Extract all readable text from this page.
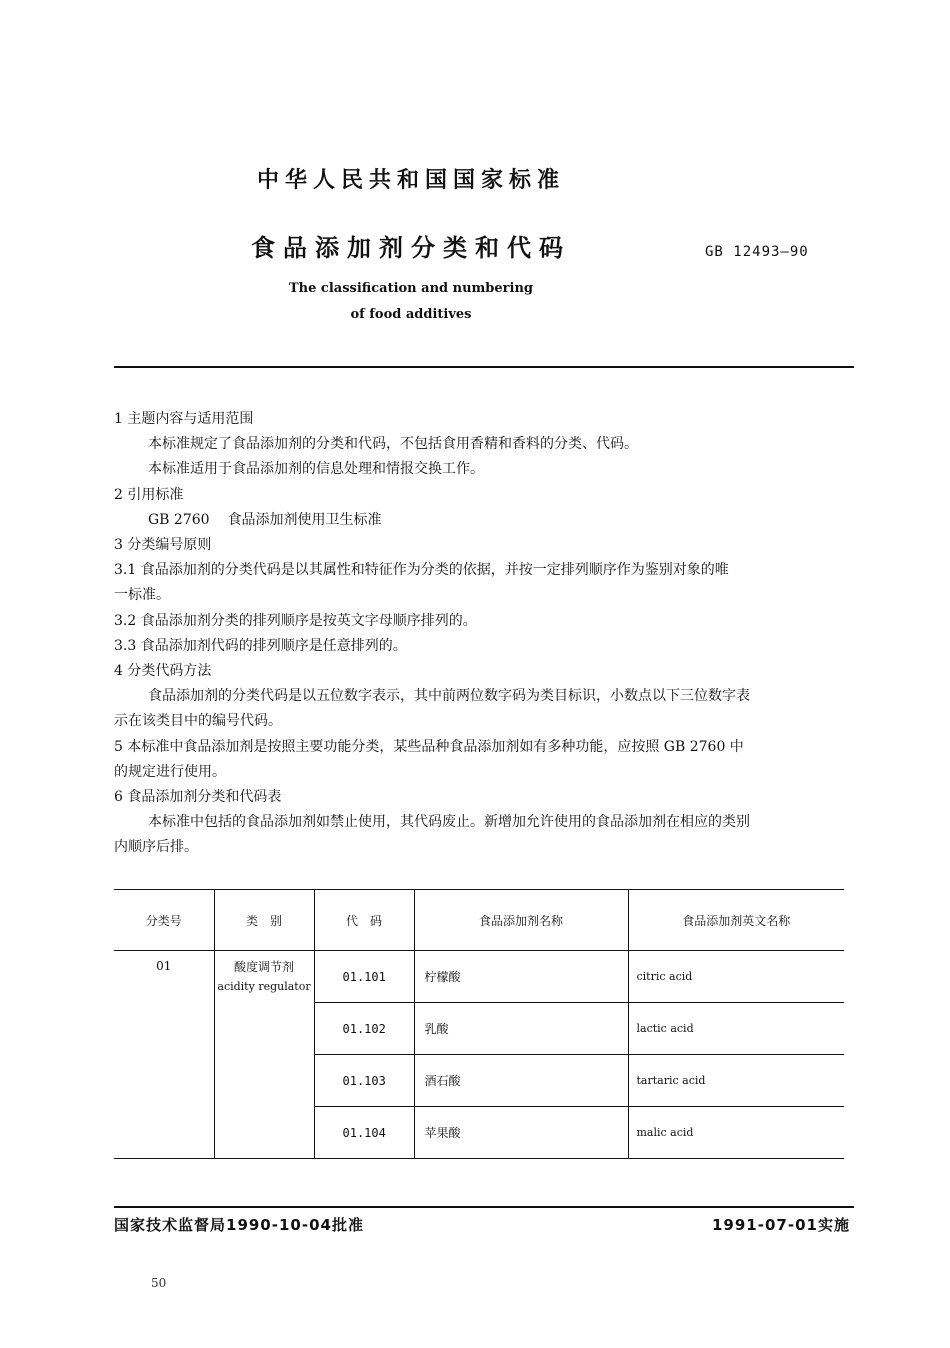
中华人民共和国国家标准
食品添加剂分类和代码	GB 12493—90
The classification and numbering
of food additives

1 主题内容与适用范围

本标准规定了食品添加剂的分类和代码，不包括食用香精和香料的分类、代码。

本标准适用于食品添加剂的信息处理和情报交换工作。

2 引用标准

GB 2760 食品添加剂使用卫生标准

3 分类编号原则

3.1 食品添加剂的分类代码是以其属性和特征作为分类的依据，并按一定排列顺序作为鉴别对象的唯

一标准。

3.2 食品添加剂分类的排列顺序是按英文字母顺序排列的。

3.3 食品添加剂代码的排列顺序是任意排列的。

4 分类代码方法

食品添加剂的分类代码是以五位数字表示，其中前两位数字码为类目标识，小数点以下三位数字表

示在该类目中的编号代码。

5 本标准中食品添加剂是按照主要功能分类，某些品种食品添加剂如有多种功能，应按照 GB 2760 中

的规定进行使用。

6 食品添加剂分类和代码表

本标准中包括的食品添加剂如禁止使用，其代码废止。新增加允许使用的食品添加剂在相应的类别

内顺序后排。

分类号	类　别	代　码	食品添加剂名称	食品添加剂英文名称
01	酸度调节剂
acidity regulator	01.101	柠檬酸	citric acid
		01.102	乳酸	lactic acid
		01.103	酒石酸	tartaric acid
		01.104	苹果酸	malic acid
国家技术监督局1990-10-04批准	1991-07-01实施
50
